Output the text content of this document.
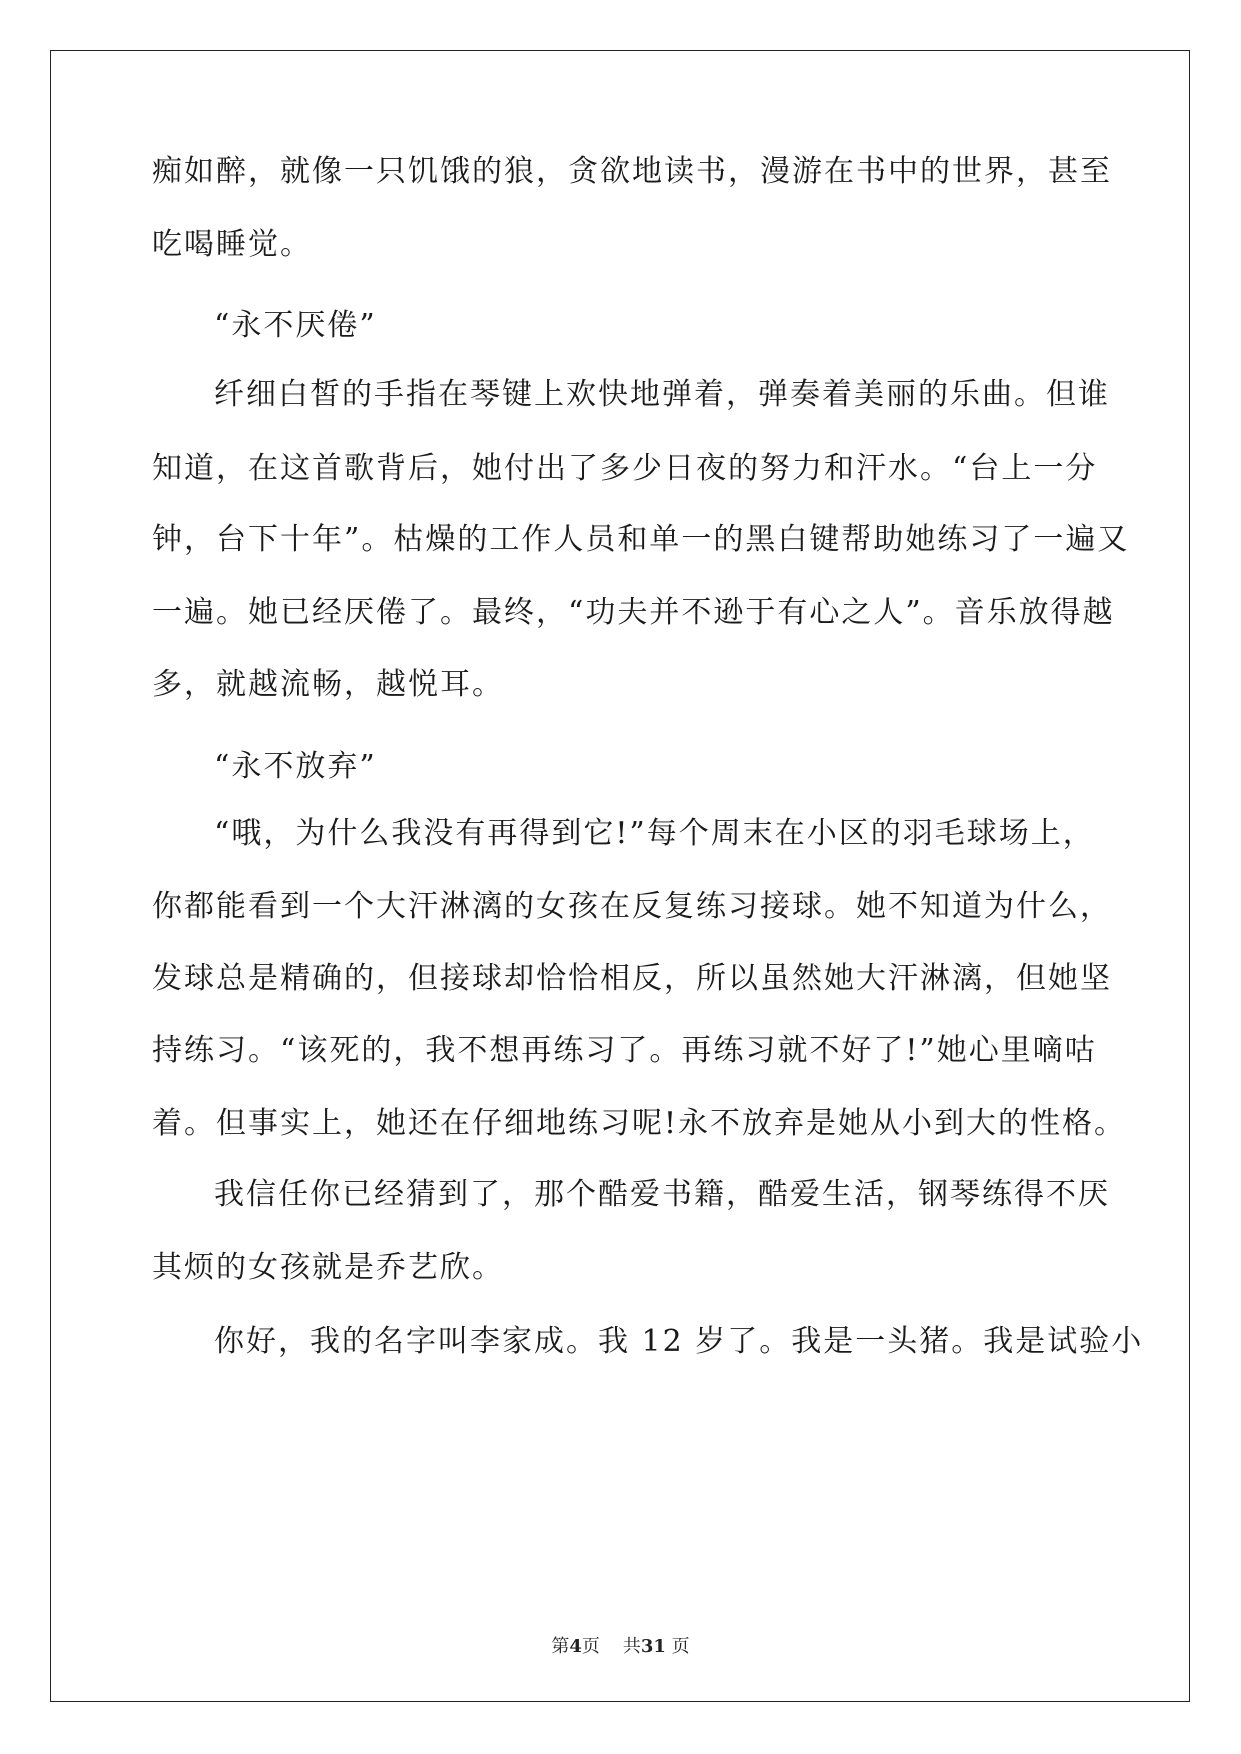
痴如醉，就像一只饥饿的狼，贪欲地读书，漫游在书中的世界，甚至
吃喝睡觉。
“永不厌倦”
纤细白皙的手指在琴键上欢快地弹着，弹奏着美丽的乐曲。但谁
知道，在这首歌背后，她付出了多少日夜的努力和汗水。“台上一分
钟，台下十年”。枯燥的工作人员和单一的黑白键帮助她练习了一遍又
一遍。她已经厌倦了。最终，“功夫并不逊于有心之人”。音乐放得越
多，就越流畅，越悦耳。
“永不放弃”
“哦，为什么我没有再得到它!”每个周末在小区的羽毛球场上，
你都能看到一个大汗淋漓的女孩在反复练习接球。她不知道为什么，
发球总是精确的，但接球却恰恰相反，所以虽然她大汗淋漓，但她坚
持练习。“该死的，我不想再练习了。再练习就不好了!”她心里嘀咕
着。但事实上，她还在仔细地练习呢!永不放弃是她从小到大的性格。
我信任你已经猜到了，那个酷爱书籍，酷爱生活，钢琴练得不厌
其烦的女孩就是乔艺欣。
你好，我的名字叫李家成。我 12 岁了。我是一头猪。我是试验小
第4页 共31 页
